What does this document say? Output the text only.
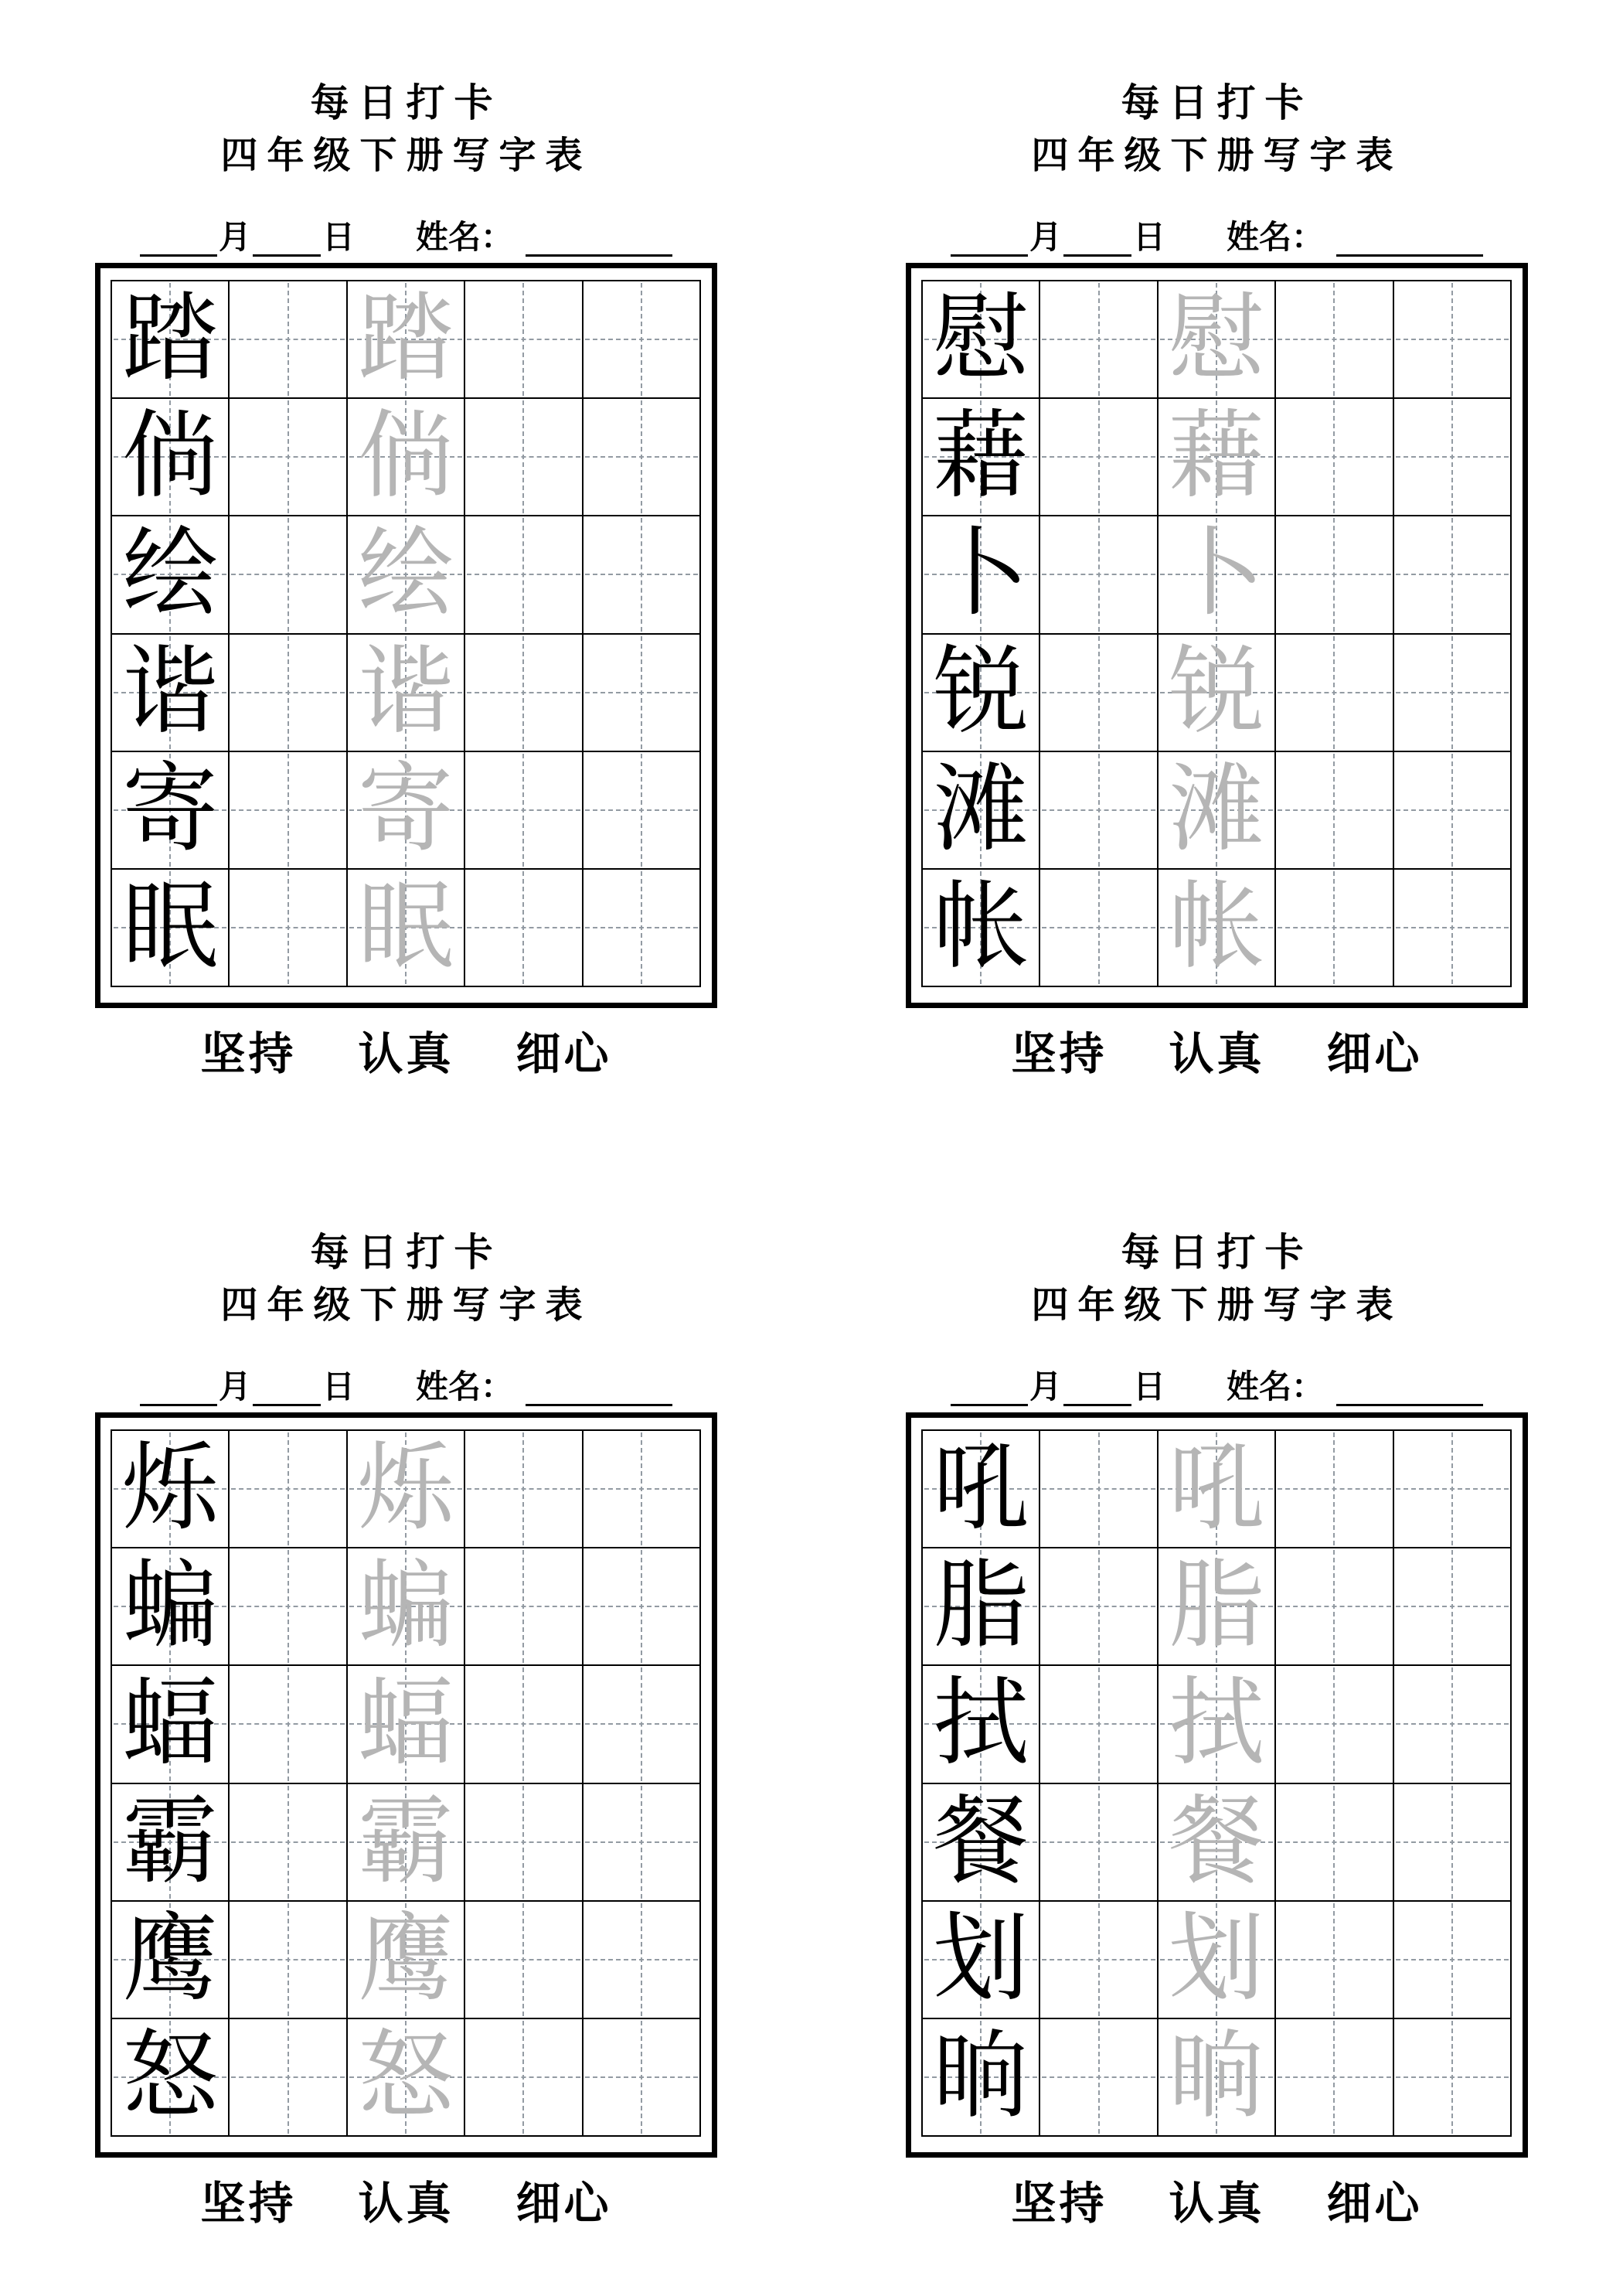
每日打卡
四年级下册写字表
月 日 姓名：
踏 踏
倘 倘
绘 绘
谐 谐
寄 寄
眠 眠
坚持 认真 细心
每日打卡
四年级下册写字表
月 日 姓名：
慰 慰
藉 藉
卜 卜
锐 锐
滩 滩
帐 帐
坚持 认真 细心
每日打卡
四年级下册写字表
月 日 姓名：
烁 烁
蝙 蝙
蝠 蝠
霸 霸
鹰 鹰
怒 怒
坚持 认真 细心
每日打卡
四年级下册写字表
月 日 姓名：
吼 吼
脂 脂
拭 拭
餐 餐
划 划
晌 晌
坚持 认真 细心
